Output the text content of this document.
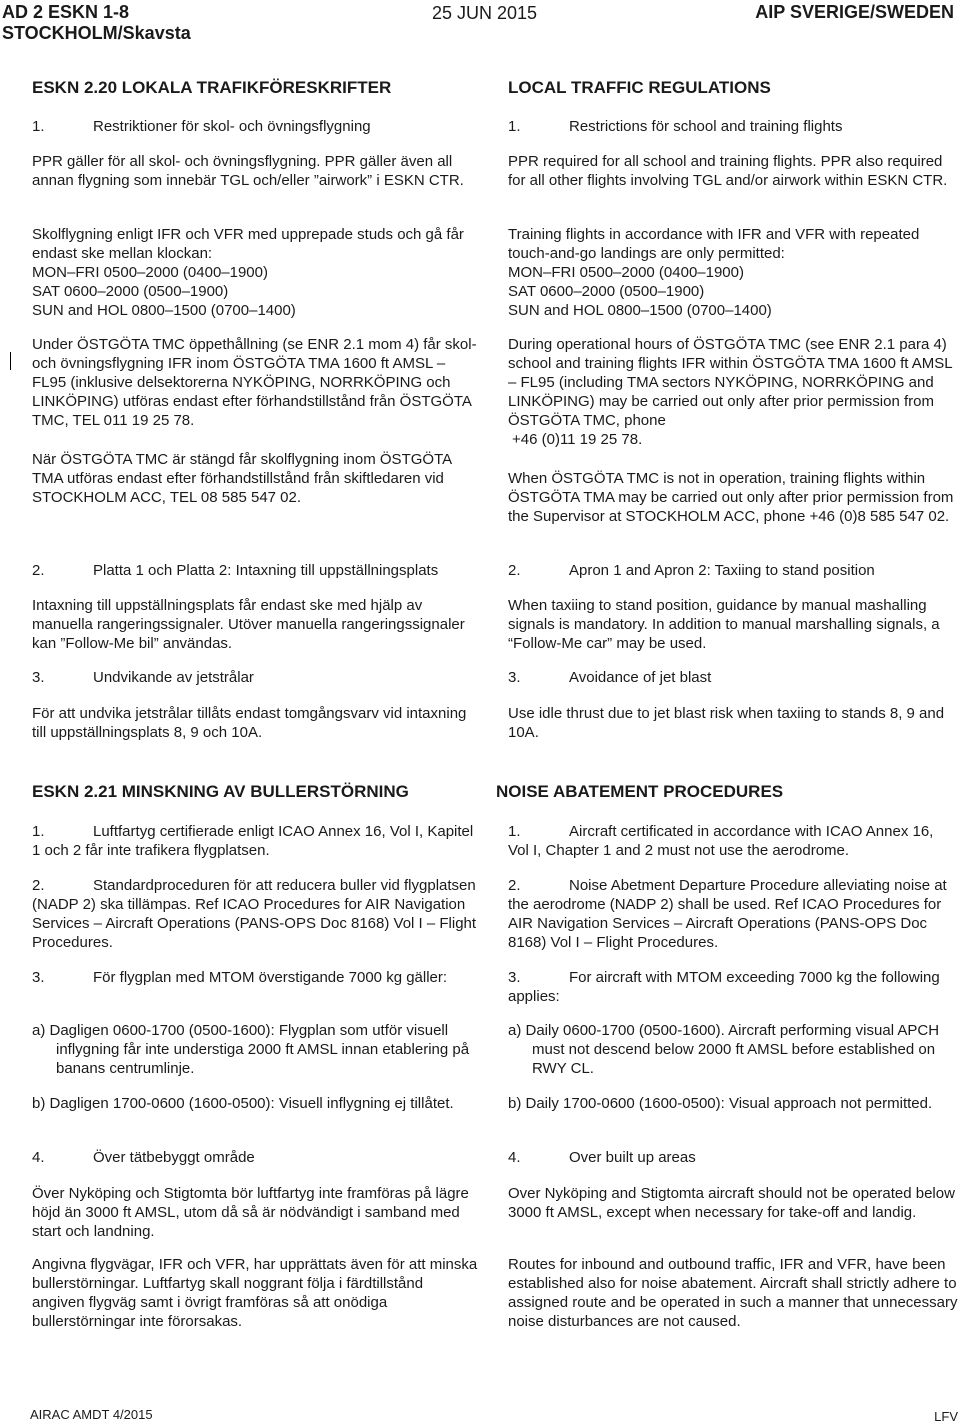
AD 2 ESKN 1-8
STOCKHOLM/Skavsta
25 JUN 2015	AIP SVERIGE/SWEDEN
ESKN 2.20 LOKALA TRAFIKFÖRESKRIFTER
1.	Restriktioner för skol- och övningsflygning
PPR gäller för all skol- och övningsflygning. PPR gäller även all annan flygning som innebär TGL och/eller ”airwork” i ESKN CTR.
Skolflygning enligt IFR och VFR med upprepade studs och gå får endast ske mellan klockan:
MON–FRI 0500–2000 (0400–1900)
SAT 0600–2000 (0500–1900)
SUN and HOL 0800–1500 (0700–1400)
Under ÖSTGÖTA TMC öppethållning (se ENR 2.1 mom 4) får skol- och övningsflygning IFR inom ÖSTGÖTA TMA 1600 ft AMSL – FL95 (inklusive delsektorerna NYKÖPING, NORRKÖPING och LINKÖPING) utföras endast efter förhandstillstånd från ÖSTGÖTA TMC, TEL 011 19 25 78.
När ÖSTGÖTA TMC är stängd får skolflygning inom ÖSTGÖTA TMA utföras endast efter förhandstillstånd från skiftledaren vid STOCKHOLM ACC, TEL 08 585 547 02.
2.	Platta 1 och Platta 2: Intaxning till uppställningsplats
Intaxning till uppställningsplats får endast ske med hjälp av manuella rangeringssignaler. Utöver manuella rangeringssignaler kan ”Follow-Me bil” användas.
3.	Undvikande av jetstrålar
För att undvika jetstrålar tillåts endast tomgångsvarv vid intaxning till uppställningsplats 8, 9 och 10A.
ESKN 2.21 MINSKNING AV BULLERSTÖRNING
1.	Luftfartyg certifierade enligt ICAO Annex 16, Vol I, Kapitel 1 och 2 får inte trafikera flygplatsen.
2.	Standardproceduren för att reducera buller vid flygplatsen (NADP 2) ska tillämpas. Ref ICAO Procedures for AIR Navigation Services – Aircraft Operations (PANS-OPS Doc 8168) Vol I – Flight Procedures.
3.	För flygplan med MTOM överstigande 7000 kg gäller:
a) Dagligen 0600-1700 (0500-1600): Flygplan som utför visuell inflygning får inte understiga 2000 ft AMSL innan etablering på banans centrumlinje.
b) Dagligen 1700-0600 (1600-0500): Visuell inflygning ej tillåtet.
4.	Över tätbebyggt område
Över Nyköping och Stigtomta bör luftfartyg inte framföras på lägre höjd än 3000 ft AMSL, utom då så är nödvändigt i samband med start och landning.
Angivna flygvägar, IFR och VFR, har upprättats även för att minska bullerstörningar. Luftfartyg skall noggrant följa i färdtillstånd angiven flygväg samt i övrigt framföras så att onödiga bullerstörningar inte förorsakas.
LOCAL TRAFFIC REGULATIONS
1.	Restrictions för school and training flights
PPR required for all school and training flights. PPR also required for all other flights involving TGL and/or airwork within ESKN CTR.
Training flights in accordance with IFR and VFR with repeated touch-and-go landings are only permitted:
MON–FRI 0500–2000 (0400–1900)
SAT 0600–2000 (0500–1900)
SUN and HOL 0800–1500 (0700–1400)
During operational hours of ÖSTGÖTA TMC (see ENR 2.1 para 4) school and training flights IFR within ÖSTGÖTA TMA 1600 ft AMSL – FL95 (including TMA sectors NYKÖPING, NORRKÖPING and LINKÖPING) may be carried out only after prior permission from ÖSTGÖTA TMC, phone
+46 (0)11 19 25 78.
When ÖSTGÖTA TMC is not in operation, training flights within ÖSTGÖTA TMA may be carried out only after prior permission from the Supervisor at STOCKHOLM ACC, phone +46 (0)8 585 547 02.
2.	Apron 1 and Apron 2: Taxiing to stand position
When taxiing to stand position, guidance by manual mashalling signals is mandatory. In addition to manual marshalling signals, a “Follow-Me car” may be used.
3.	Avoidance of jet blast
Use idle thrust due to jet blast risk when taxiing to stands 8, 9 and 10A.
NOISE ABATEMENT PROCEDURES
1.	Aircraft certificated in accordance with ICAO Annex 16, Vol I, Chapter 1 and 2 must not use the aerodrome.
2.	Noise Abetment Departure Procedure alleviating noise at the aerodrome (NADP 2) shall be used. Ref ICAO Procedures for AIR Navigation Services – Aircraft Operations (PANS-OPS Doc 8168) Vol I – Flight Procedures.
3.	For aircraft with MTOM exceeding 7000 kg the following applies:
a) Daily 0600-1700 (0500-1600). Aircraft performing visual APCH must not descend below 2000 ft AMSL before established on RWY CL.
b) Daily 1700-0600 (1600-0500): Visual approach not permitted.
4.	Over built up areas
Over Nyköping and Stigtomta aircraft should not be operated below 3000 ft AMSL, except when necessary for take-off and landig.
Routes for inbound and outbound traffic, IFR and VFR, have been established also for noise abatement. Aircraft shall strictly adhere to assigned route and be operated in such a manner that unnecessary noise disturbances are not caused.
AIRAC AMDT 4/2015	LFV
